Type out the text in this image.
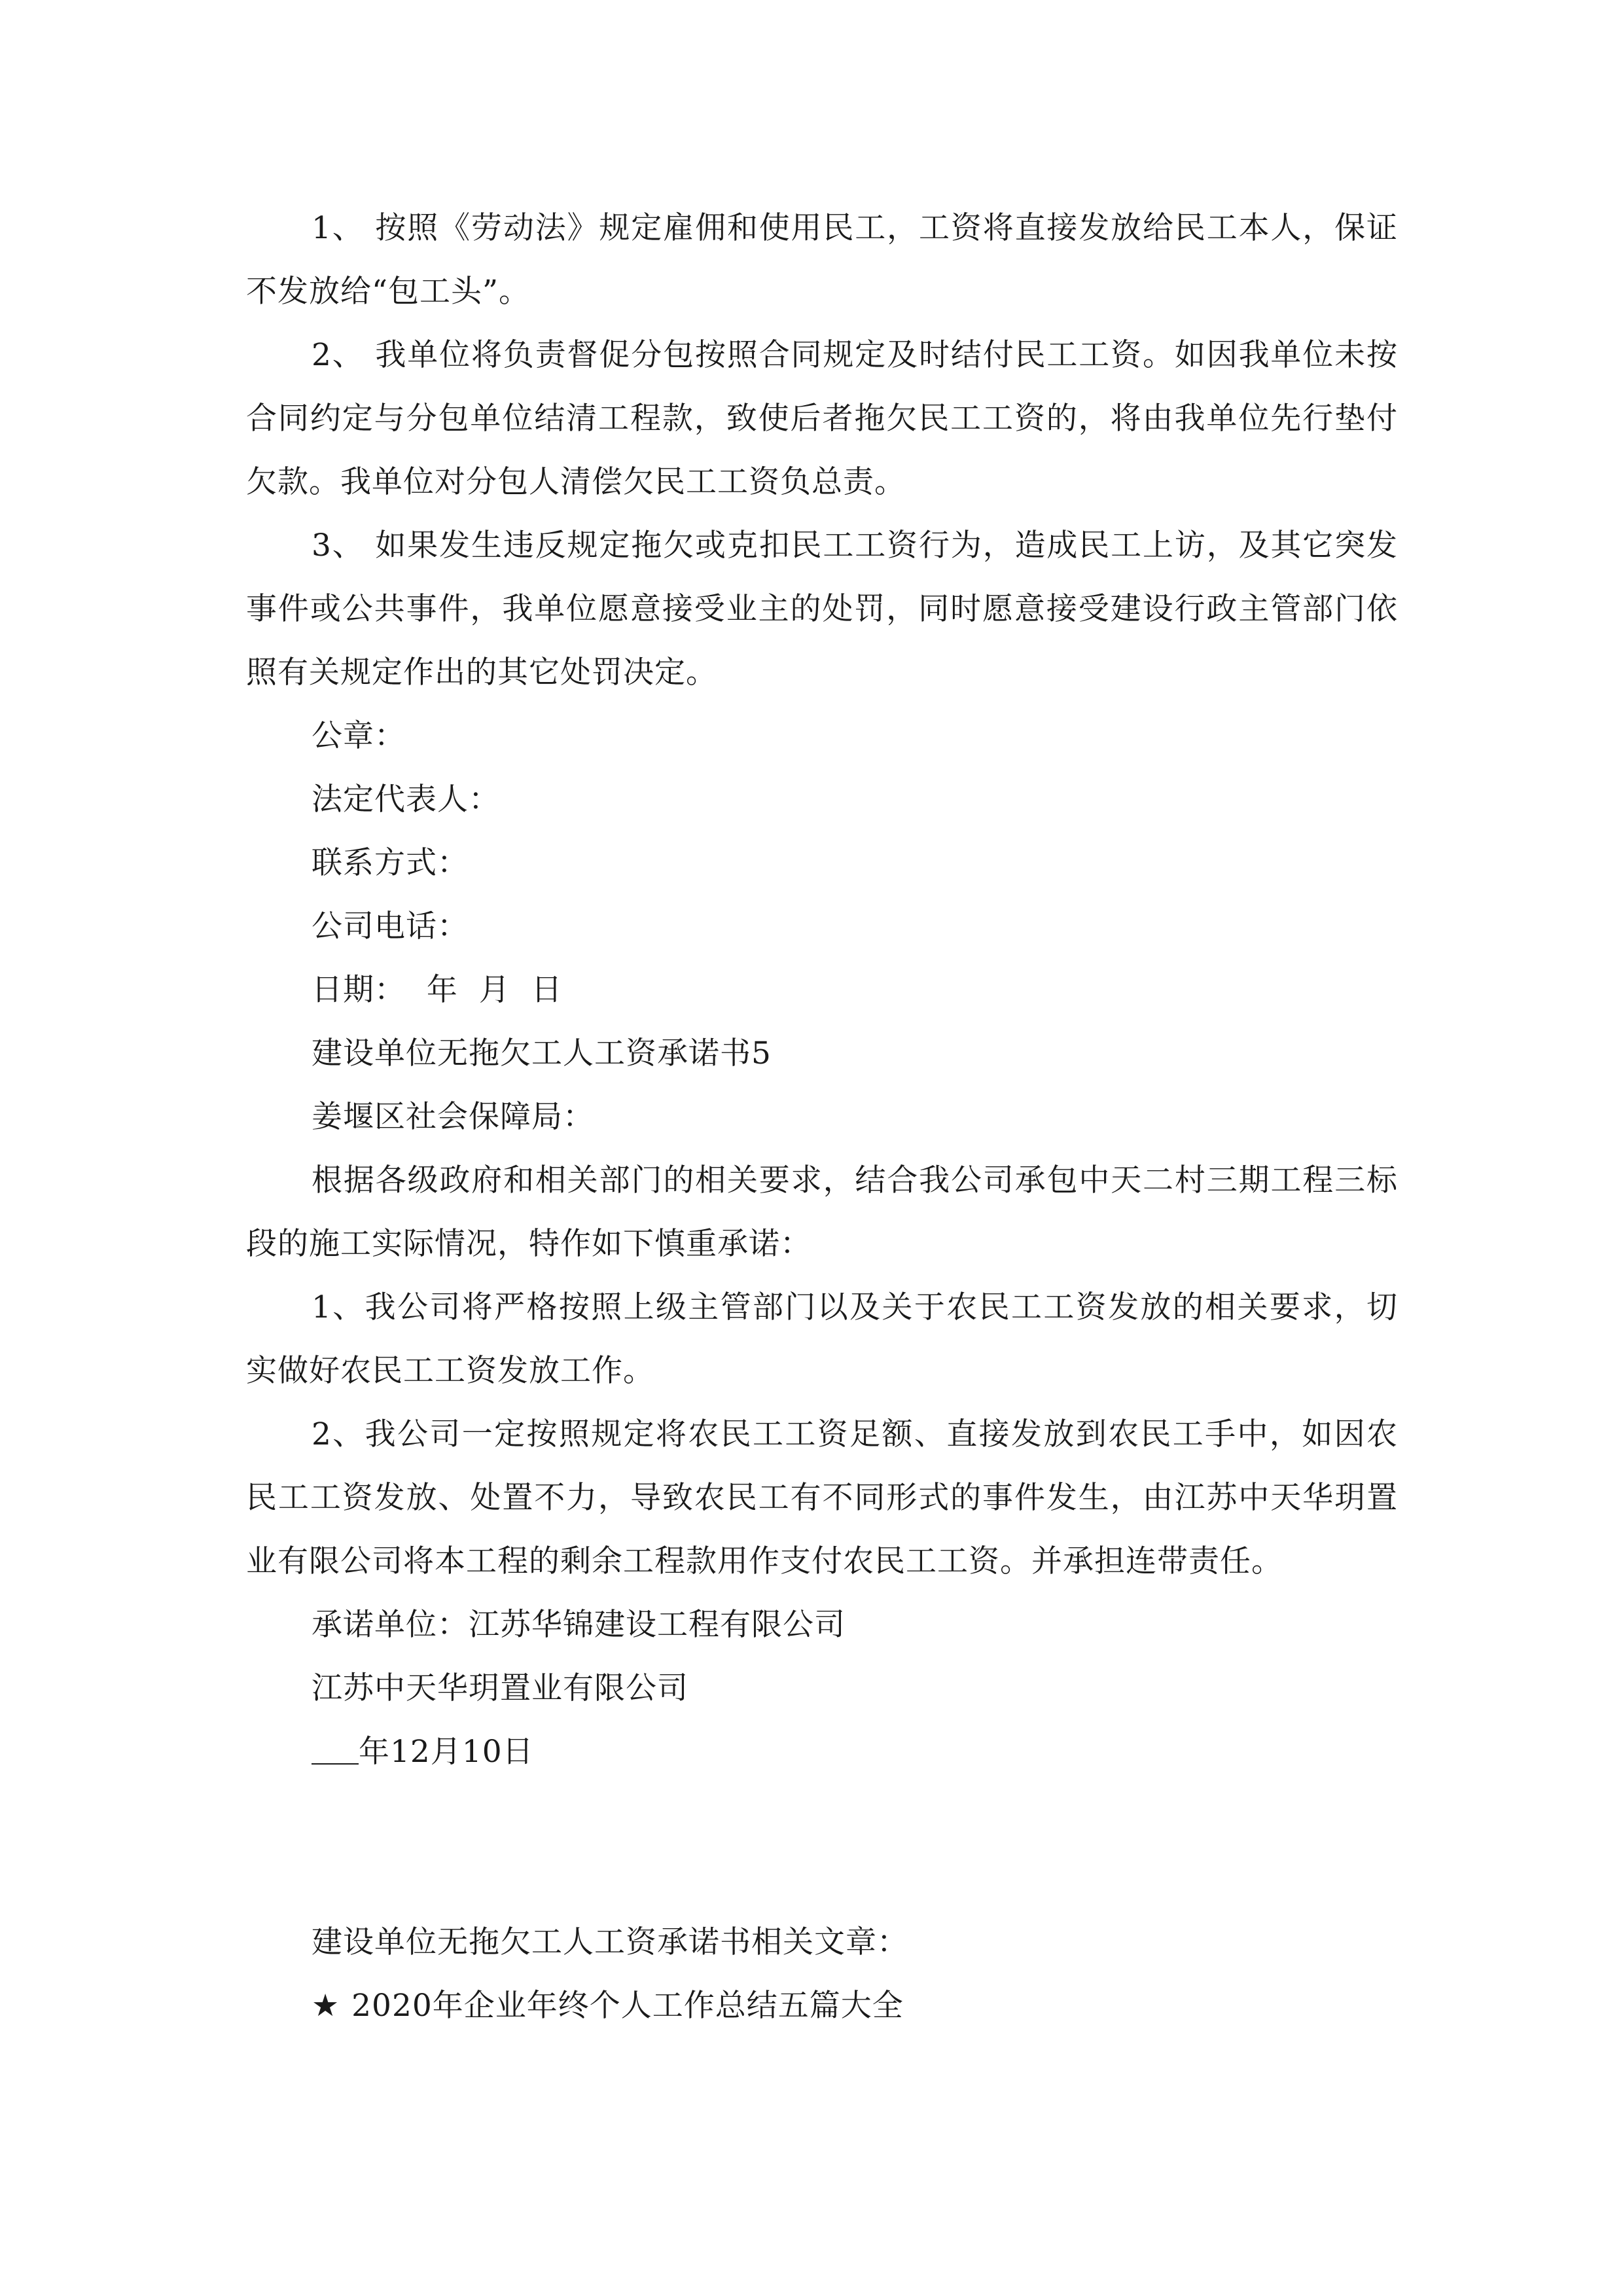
1、 按照《劳动法》规定雇佣和使用民工，工资将直接发放给民工本人，保证不发放给“包工头”。

2、 我单位将负责督促分包按照合同规定及时结付民工工资。如因我单位未按合同约定与分包单位结清工程款，致使后者拖欠民工工资的，将由我单位先行垫付欠款。我单位对分包人清偿欠民工工资负总责。

3、 如果发生违反规定拖欠或克扣民工工资行为，造成民工上访，及其它突发事件或公共事件，我单位愿意接受业主的处罚，同时愿意接受建设行政主管部门依照有关规定作出的其它处罚决定。

公章：

法定代表人：

联系方式：

公司电话：

日期：  年  月  日

建设单位无拖欠工人工资承诺书5

姜堰区社会保障局：

根据各级政府和相关部门的相关要求，结合我公司承包中天二村三期工程三标段的施工实际情况，特作如下慎重承诺：

1、我公司将严格按照上级主管部门以及关于农民工工资发放的相关要求，切实做好农民工工资发放工作。

2、我公司一定按照规定将农民工工资足额、直接发放到农民工手中，如因农民工工资发放、处置不力，导致农民工有不同形式的事件发生，由江苏中天华玥置业有限公司将本工程的剩余工程款用作支付农民工工资。并承担连带责任。

承诺单位：江苏华锦建设工程有限公司

江苏中天华玥置业有限公司

年12月10日

建设单位无拖欠工人工资承诺书相关文章：

★ 2020年企业年终个人工作总结五篇大全
